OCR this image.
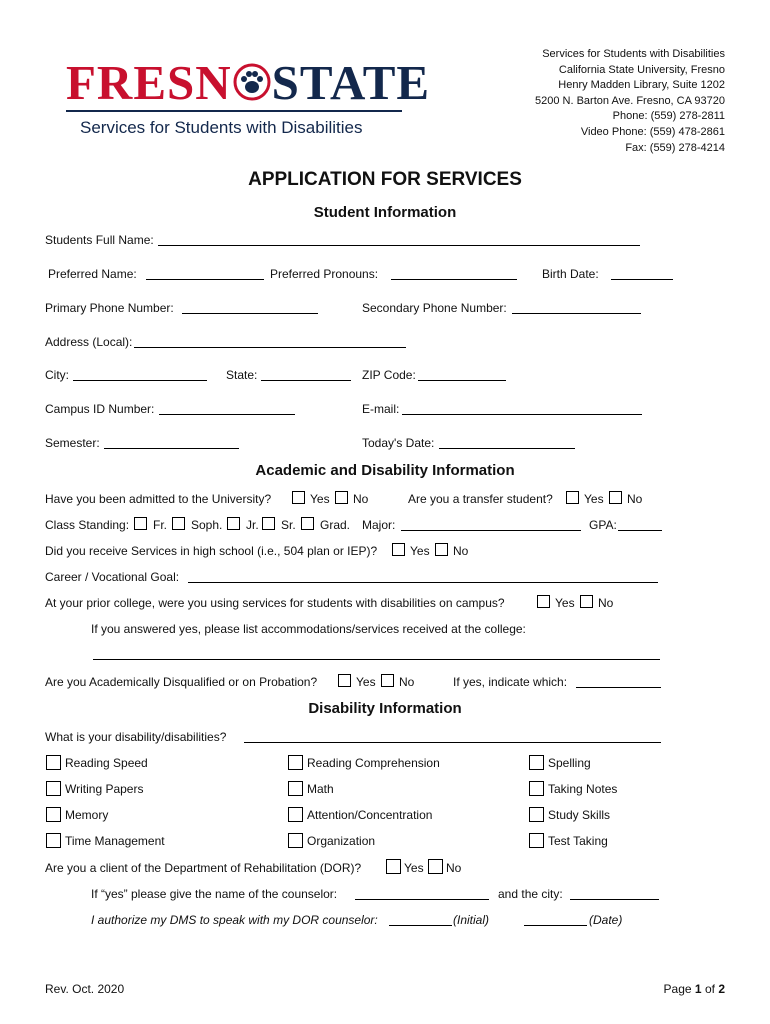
FRESN STATE
Services for Students with Disabilities
Services for Students with Disabilities
California State University, Fresno
Henry Madden Library, Suite 1202
5200 N. Barton Ave. Fresno, CA 93720
Phone: (559) 278-2811
Video Phone: (559) 478-2861
Fax: (559) 278-4214
APPLICATION FOR SERVICES
Student Information
Students Full Name:
Preferred Name:	Preferred Pronouns:	Birth Date:
Primary Phone Number:	Secondary Phone Number:
Address (Local):
City:	State:	ZIP Code:
Campus ID Number:	E-mail:
Semester:	Today's Date:
Academic and Disability Information
Have you been admitted to the University?	Yes No	Are you a transfer student?	Yes No
Class Standing: Fr. Soph. Jr. Sr. Grad. Major:	GPA:
Did you receive Services in high school (i.e., 504 plan or IEP)?	Yes No
Career / Vocational Goal:
At your prior college, were you using services for students with disabilities on campus?	Yes No
If you answered yes, please list accommodations/services received at the college:
Are you Academically Disqualified or on Probation?	Yes No	If yes, indicate which:
Disability Information
What is your disability/disabilities?
Reading Speed	Reading Comprehension	Spelling
Writing Papers	Math	Taking Notes
Memory	Attention/Concentration	Study Skills
Time Management	Organization	Test Taking
Are you a client of the Department of Rehabilitation (DOR)?	Yes No
If “yes” please give the name of the counselor:	and the city:
I authorize my DMS to speak with my DOR counselor:	(Initial)	(Date)
Rev. Oct. 2020	Page 1 of 2
